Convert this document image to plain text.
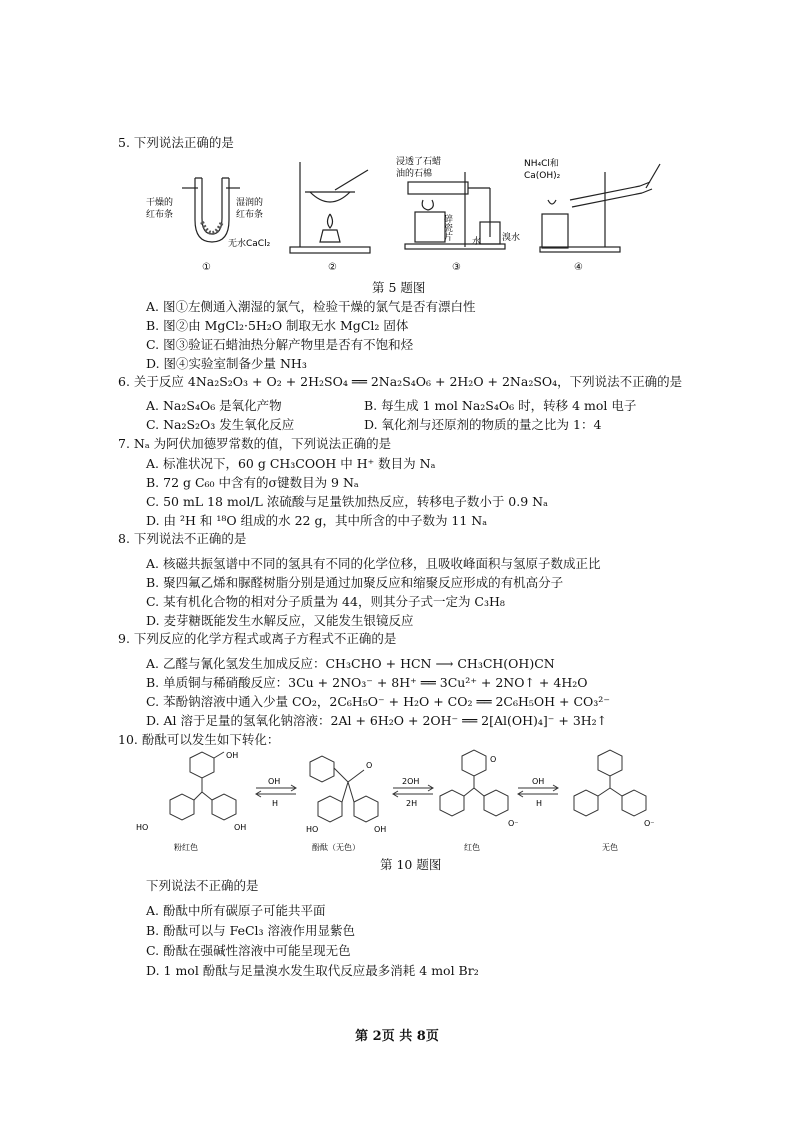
5. 下列说法正确的是
干燥的
红布条
湿润的
红布条
无水CaCl₂
①	②
浸透了石蜡
油的石棉
碎瓷片
水 溴水
③
NH₄Cl和
Ca(OH)₂
④
第 5 题图
A. 图①左侧通入潮湿的氯气，检验干燥的氯气是否有漂白性
B. 图②由 MgCl₂·5H₂O 制取无水 MgCl₂ 固体
C. 图③验证石蜡油热分解产物里是否有不饱和烃
D. 图④实验室制备少量 NH₃
6. 关于反应 4Na₂S₂O₃ + O₂ + 2H₂SO₄ ══ 2Na₂S₄O₆ + 2H₂O + 2Na₂SO₄，下列说法不正确的是
A. Na₂S₄O₆ 是氧化产物	B. 每生成 1 mol Na₂S₄O₆ 时，转移 4 mol 电子
C. Na₂S₂O₃ 发生氧化反应	D. 氧化剂与还原剂的物质的量之比为 1：4
7. Nₐ 为阿伏加德罗常数的值，下列说法正确的是
A. 标准状况下，60 g CH₃COOH 中 H⁺ 数目为 Nₐ
B. 72 g C₆₀ 中含有的σ键数目为 9 Nₐ
C. 50 mL 18 mol/L 浓硫酸与足量铁加热反应，转移电子数小于 0.9 Nₐ
D. 由 ²H 和 ¹⁸O 组成的水 22 g，其中所含的中子数为 11 Nₐ
8. 下列说法不正确的是
A. 核磁共振氢谱中不同的氢具有不同的化学位移，且吸收峰面积与氢原子数成正比
B. 聚四氟乙烯和脲醛树脂分别是通过加聚反应和缩聚反应形成的有机高分子
C. 某有机化合物的相对分子质量为 44，则其分子式一定为 C₃H₈
D. 麦芽糖既能发生水解反应，又能发生银镜反应
9. 下列反应的化学方程式或离子方程式不正确的是
A. 乙醛与氰化氢发生加成反应：CH₃CHO + HCN ⟶ CH₃CH(OH)CN
B. 单质铜与稀硝酸反应：3Cu + 2NO₃⁻ + 8H⁺ ══ 3Cu²⁺ + 2NO↑ + 4H₂O
C. 苯酚钠溶液中通入少量 CO₂，2C₆H₅O⁻ + H₂O + CO₂ ══ 2C₆H₅OH + CO₃²⁻
D. Al 溶于足量的氢氧化钠溶液：2Al + 6H₂O + 2OH⁻ ══ 2[Al(OH)₄]⁻ + 3H₂↑
10. 酚酞可以发生如下转化：
OH
HO	OH
OH
H
O
HO	OH
2OH
2H
O
O⁻
OH
H
O⁻
粉红色	酚酞（无色）	红色	无色
第 10 题图
下列说法不正确的是
A. 酚酞中所有碳原子可能共平面
B. 酚酞可以与 FeCl₃ 溶液作用显紫色
C. 酚酞在强碱性溶液中可能呈现无色
D. 1 mol 酚酞与足量溴水发生取代反应最多消耗 4 mol Br₂
第 2页 共 8页
